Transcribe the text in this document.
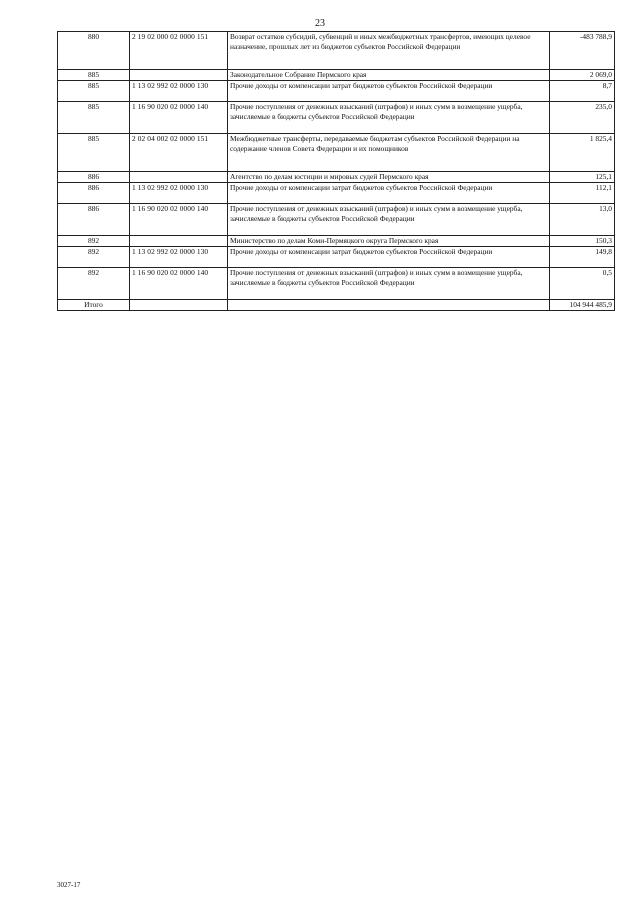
23
880	2 19 02 000 02 0000 151	Возврат остатков субсидий, субвенций и иных межбюджетных трансфертов, имеющих целевое назначение, прошлых лет из бюджетов субъектов Российской Федерации	-483 788,9
885		Законодательное Собрание Пермского края	2 069,0
885	1 13 02 992 02 0000 130	Прочие доходы от компенсации затрат бюджетов субъектов Российской Федерации	8,7
885	1 16 90 020 02 0000 140	Прочие поступления от денежных взысканий (штрафов) и иных сумм в возмещение ущерба, зачисляемые в бюджеты субъектов Российской Федерации	235,0
885	2 02 04 002 02 0000 151	Межбюджетные трансферты, передаваемые бюджетам субъектов Российской Федерации на содержание членов Совета Федерации и их помощников	1 825,4
886		Агентство по делам юстиции и мировых судей Пермского края	125,1
886	1 13 02 992 02 0000 130	Прочие доходы от компенсации затрат бюджетов субъектов Российской Федерации	112,1
886	1 16 90 020 02 0000 140	Прочие поступления от денежных взысканий (штрафов) и иных сумм в возмещение ущерба, зачисляемые в бюджеты субъектов Российской Федерации	13,0
892		Министерство по делам Коми-Пермяцкого округа Пермского края	150,3
892	1 13 02 992 02 0000 130	Прочие доходы от компенсации затрат бюджетов субъектов Российской Федерации	149,8
892	1 16 90 020 02 0000 140	Прочие поступления от денежных взысканий (штрафов) и иных сумм в возмещение ущерба, зачисляемые в бюджеты субъектов Российской Федерации	0,5
Итого			104 944 485,9
3027-17
